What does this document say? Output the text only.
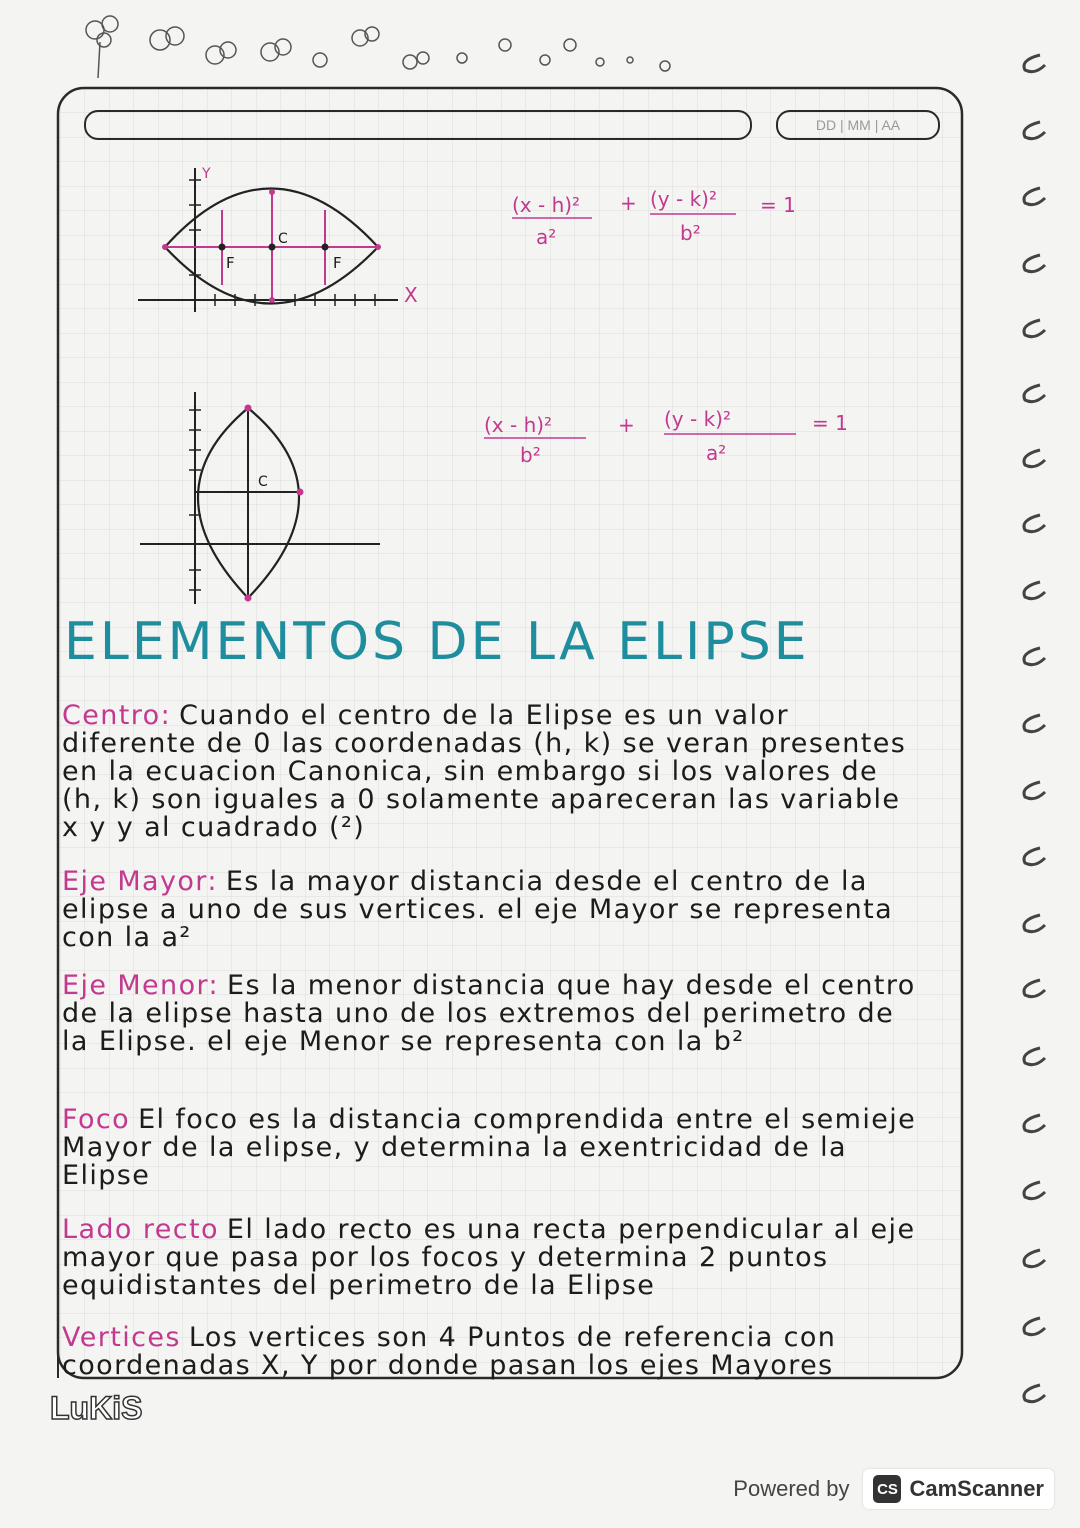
Y
X
C
F	F
C
(x - h)²
a²
+ (y - k)²
b²
= 1
(x - h)²
b²
+ (y - k)²
a²
= 1
DD | MM | AA
ELEMENTOS DE LA ELIPSE
Centro: Cuando el centro de la Elipse es un valor diferente de 0 las coordenadas (h, k) se veran presentes en la ecuacion Canonica, sin embargo si los valores de (h, k) son iguales a 0 solamente apareceran las variable x y y al cuadrado (²)
Eje Mayor: Es la mayor distancia desde el centro de la elipse a uno de sus vertices. el eje Mayor se representa con la a²
Eje Menor: Es la menor distancia que hay desde el centro de la elipse hasta uno de los extremos del perimetro de la Elipse. el eje Menor se representa con la b²
Foco El foco es la distancia comprendida entre el semieje Mayor de la elipse, y determina la exentricidad de la Elipse
Lado recto El lado recto es una recta perpendicular al eje mayor que pasa por los focos y determina 2 puntos equidistantes del perimetro de la Elipse
Vertices Los vertices son 4 Puntos de referencia con coordenadas X, Y por donde pasan los ejes Mayores
LuKiS
Powered by CS CamScanner
